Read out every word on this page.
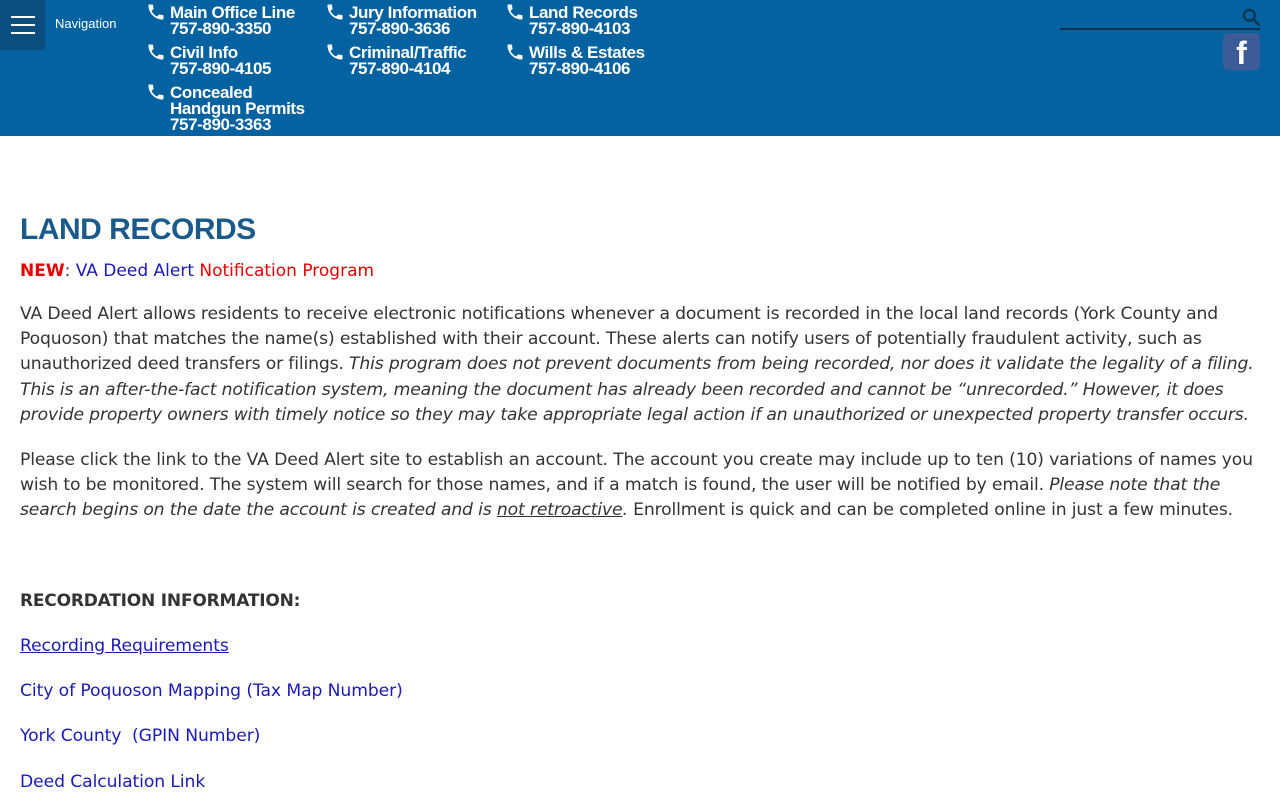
Navigation
Main Office Line
757-890-3350
Jury Information
757-890-3636
Land Records
757-890-4103
Civil Info
757-890-4105
Criminal/Traffic
757-890-4104
Wills & Estates
757-890-4106
Concealed
Handgun Permits
757-890-3363
f
LAND RECORDS
NEW: VA Deed Alert Notification Program

VA Deed Alert allows residents to receive electronic notifications whenever a document is recorded in the local land records (York County and Poquoson) that matches the name(s) established with their account. These alerts can notify users of potentially fraudulent activity, such as unauthorized deed transfers or filings. This program does not prevent documents from being recorded, nor does it validate the legality of a filing. This is an after-the-fact notification system, meaning the document has already been recorded and cannot be “unrecorded.” However, it does provide property owners with timely notice so they may take appropriate legal action if an unauthorized or unexpected property transfer occurs.

Please click the link to the VA Deed Alert site to establish an account. The account you create may include up to ten (10) variations of names you wish to be monitored. The system will search for those names, and if a match is found, the user will be notified by email. Please note that the search begins on the date the account is created and is not retroactive. Enrollment is quick and can be completed online in just a few minutes.

RECORDATION INFORMATION:
Recording Requirements
City of Poquoson Mapping (Tax Map Number)
York County  (GPIN Number)
Deed Calculation Link
